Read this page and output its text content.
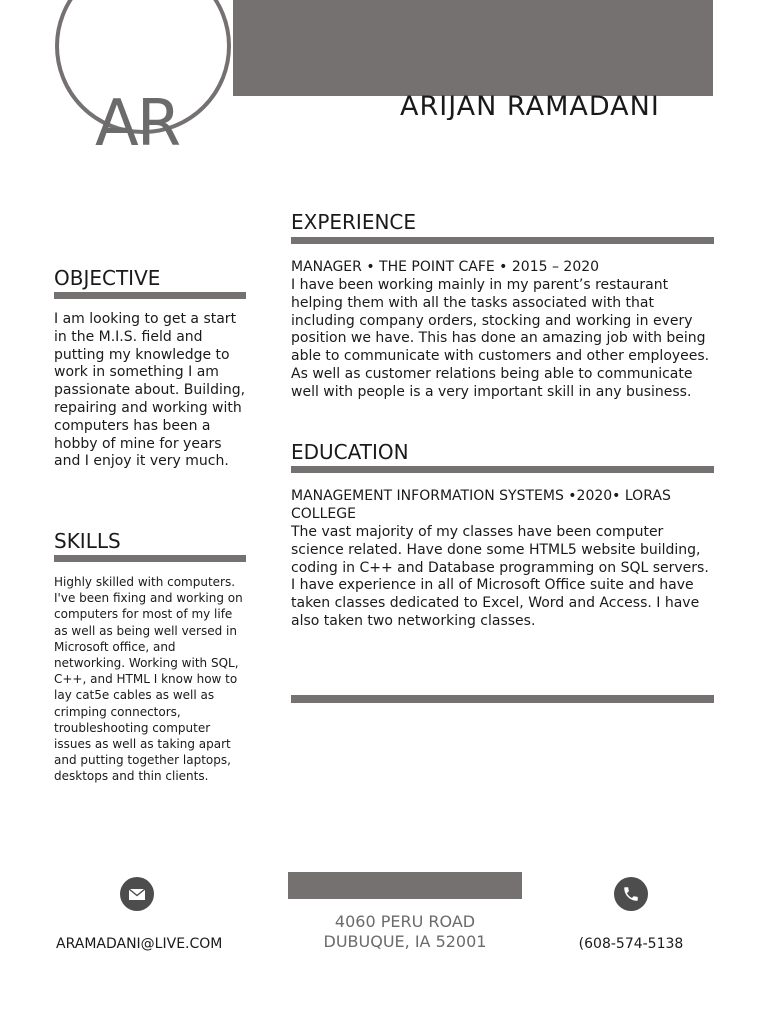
AR	ARIJAN RAMADANI
OBJECTIVE
I am looking to get a start in the M.I.S. field and putting my knowledge to work in something I am passionate about. Building, repairing and working with computers has been a hobby of mine for years and I enjoy it very much.
SKILLS
Highly skilled with computers. I've been fixing and working on computers for most of my life as well as being well versed in Microsoft office, and networking. Working with SQL, C++, and HTML I know how to lay cat5e cables as well as crimping connectors, troubleshooting computer issues as well as taking apart and putting together laptops, desktops and thin clients.
EXPERIENCE
MANAGER • THE POINT CAFE • 2015 – 2020
I have been working mainly in my parent’s restaurant helping them with all the tasks associated with that including company orders, stocking and working in every position we have. This has done an amazing job with being able to communicate with customers and other employees. As well as customer relations being able to communicate well with people is a very important skill in any business.
EDUCATION
MANAGEMENT INFORMATION SYSTEMS •2020• LORAS COLLEGE
The vast majority of my classes have been computer science related. Have done some HTML5 website building, coding in C++ and Database programming on SQL servers. I have experience in all of Microsoft Office suite and have taken classes dedicated to Excel, Word and Access. I have also taken two networking classes.
ARAMADANI@LIVE.COM
4060 PERU ROAD
DUBUQUE, IA 52001	(608-574-5138
